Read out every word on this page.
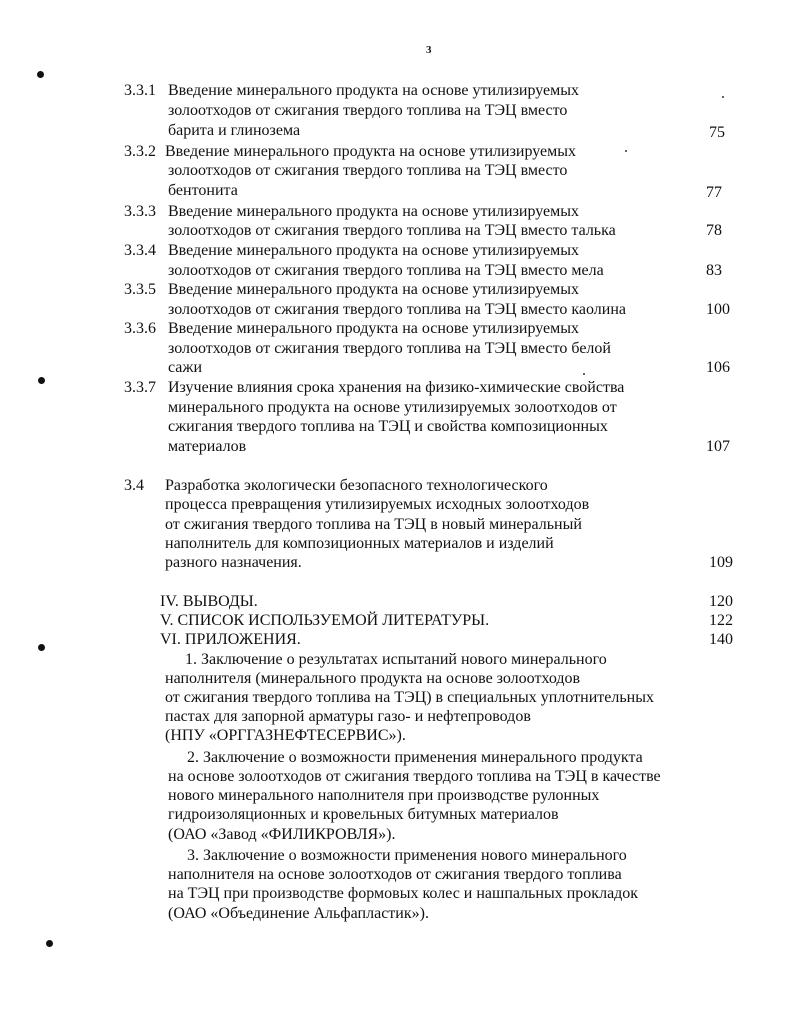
3
3.3.1 Введение минерального продукта на основе утилизируемых
золоотходов от сжигания твердого топлива на ТЭЦ вместо
барита и глинозема	75
3.3.2 Введение минерального продукта на основе утилизируемых
золоотходов от сжигания твердого топлива на ТЭЦ вместо
бентонита	77
3.3.3 Введение минерального продукта на основе утилизируемых
золоотходов от сжигания твердого топлива на ТЭЦ вместо талька	78
3.3.4 Введение минерального продукта на основе утилизируемых
золоотходов от сжигания твердого топлива на ТЭЦ вместо мела	83
3.3.5 Введение минерального продукта на основе утилизируемых
золоотходов от сжигания твердого топлива на ТЭЦ вместо каолина	100
3.3.6 Введение минерального продукта на основе утилизируемых
золоотходов от сжигания твердого топлива на ТЭЦ вместо белой
сажи	106
3.3.7 Изучение влияния срока хранения на физико-химические свойства
минерального продукта на основе утилизируемых золоотходов от
сжигания твердого топлива на ТЭЦ и свойства композиционных
материалов	107
3.4 Разработка экологически безопасного технологического
процесса превращения утилизируемых исходных золоотходов
от сжигания твердого топлива на ТЭЦ в новый минеральный
наполнитель для композиционных материалов и изделий
разного назначения.	109
IV. ВЫВОДЫ.	120
V. СПИСОК ИСПОЛЬЗУЕМОЙ ЛИТЕРАТУРЫ.	122
VI. ПРИЛОЖЕНИЯ.	140
1. Заключение о результатах испытаний нового минерального
наполнителя (минерального продукта на основе золоотходов
от сжигания твердого топлива на ТЭЦ) в специальных уплотнительных
пастах для запорной арматуры газо- и нефтепроводов
(НПУ «ОРГГАЗНЕФТЕСЕРВИС»).
2. Заключение о возможности применения минерального продукта
на основе золоотходов от сжигания твердого топлива на ТЭЦ в качестве
нового минерального наполнителя при производстве рулонных
гидроизоляционных и кровельных битумных материалов
(ОАО «Завод «ФИЛИКРОВЛЯ»).
3. Заключение о возможности применения нового минерального
наполнителя на основе золоотходов от сжигания твердого топлива
на ТЭЦ при производстве формовых колес и нашпальных прокладок
(ОАО «Объединение Альфапластик»).
